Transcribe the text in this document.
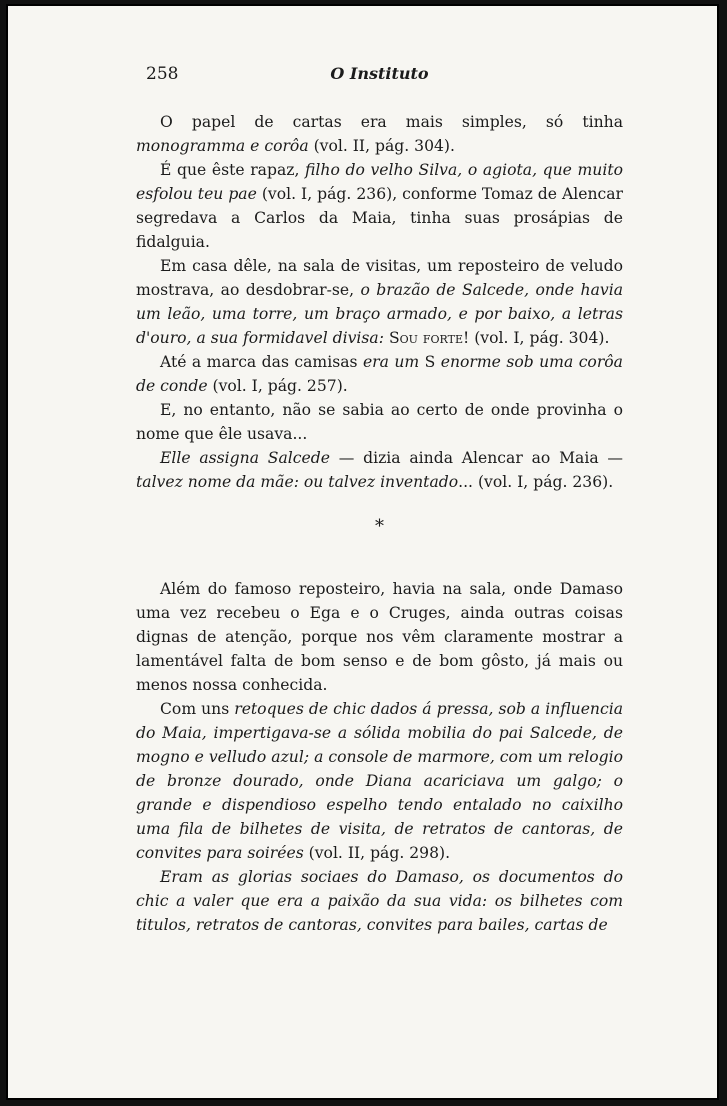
258	O Instituto

O papel de cartas era mais simples, só tinha monogramma e corôa (vol. II, pág. 304).

É que êste rapaz, filho do velho Silva, o agiota, que muito esfolou teu pae (vol. I, pág. 236), conforme Tomaz de Alencar segredava a Carlos da Maia, tinha suas prosápias de fidalguia.

Em casa dêle, na sala de visitas, um reposteiro de veludo mostrava, ao desdobrar-se, o brazão de Salcede, onde havia um leão, uma torre, um braço armado, e por baixo, a letras d'ouro, a sua formidavel divisa: Sou forte! (vol. I, pág. 304).

Até a marca das camisas era um S enorme sob uma corôa de conde (vol. I, pág. 257).

E, no entanto, não se sabia ao certo de onde provinha o nome que êle usava...

Elle assigna Salcede — dizia ainda Alencar ao Maia — talvez nome da mãe: ou talvez inventado... (vol. I, pág. 236).

*

Além do famoso reposteiro, havia na sala, onde Damaso uma vez recebeu o Ega e o Cruges, ainda outras coisas dignas de atenção, porque nos vêm claramente mostrar a lamentável falta de bom senso e de bom gôsto, já mais ou menos nossa conhecida.

Com uns retoques de chic dados á pressa, sob a influencia do Maia, impertigava-se a sólida mobilia do pai Salcede, de mogno e velludo azul; a console de marmore, com um relogio de bronze dourado, onde Diana acariciava um galgo; o grande e dispendioso espelho tendo entalado no caixilho uma fila de bilhetes de visita, de retratos de cantoras, de convites para soirées (vol. II, pág. 298).

Eram as glorias sociaes do Damaso, os documentos do chic a valer que era a paixão da sua vida: os bilhetes com titulos, retratos de cantoras, convites para bailes, cartas de
